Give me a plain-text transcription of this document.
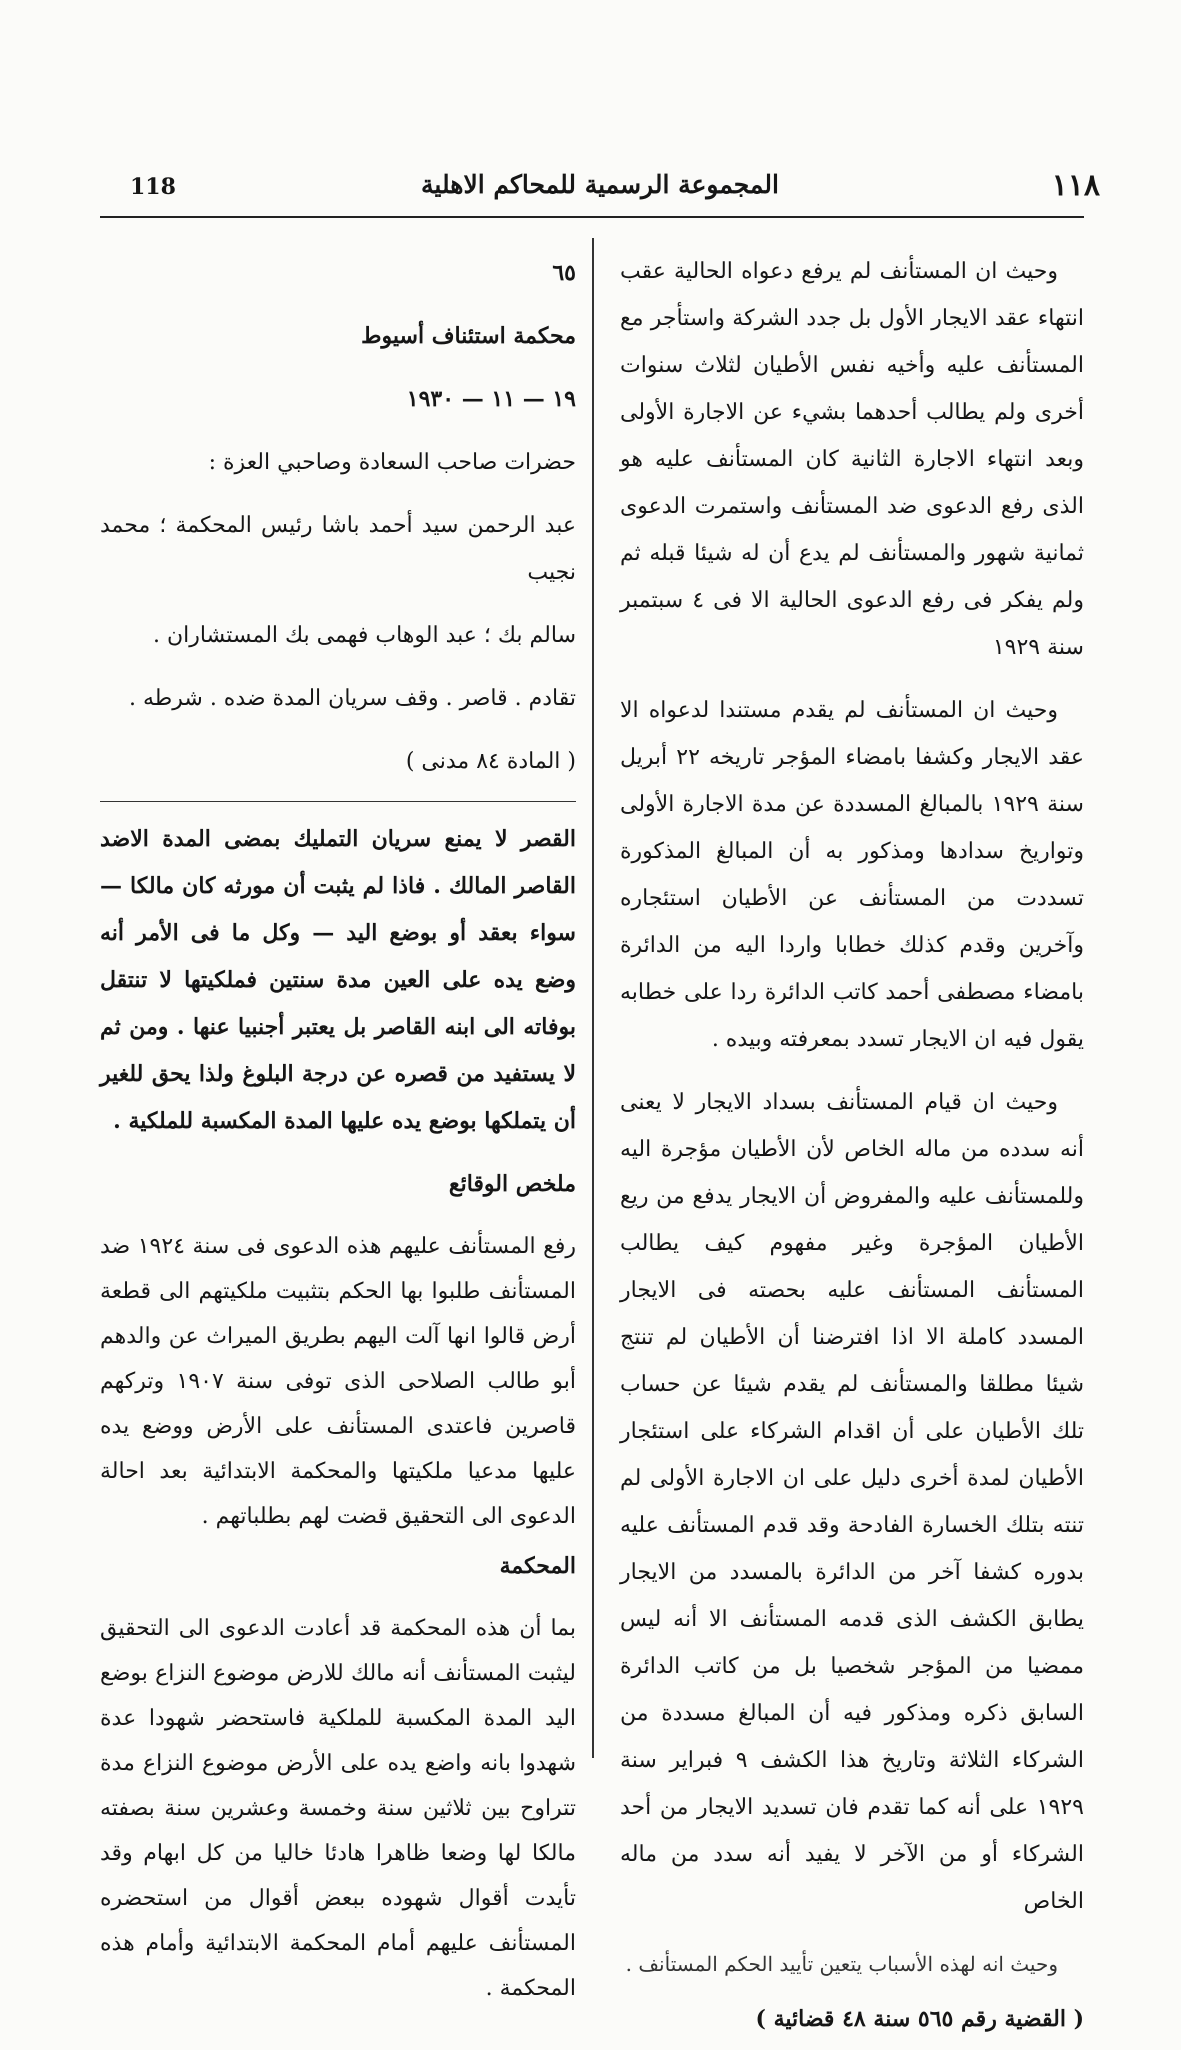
118	المجموعة الرسمية للمحاكم الاهلية	١١٨

وحيث ان المستأنف لم يرفع دعواه الحالية عقب انتهاء عقد الايجار الأول بل جدد الشركة واستأجر مع المستأنف عليه وأخيه نفس الأطيان لثلاث سنوات أخرى ولم يطالب أحدهما بشيء عن الاجارة الأولى وبعد انتهاء الاجارة الثانية كان المستأنف عليه هو الذى رفع الدعوى ضد المستأنف واستمرت الدعوى ثمانية شهور والمستأنف لم يدع أن له شيئا قبله ثم ولم يفكر فى رفع الدعوى الحالية الا فى ٤ سبتمبر سنة ١٩٢٩

وحيث ان المستأنف لم يقدم مستندا لدعواه الا عقد الايجار وكشفا بامضاء المؤجر تاريخه ٢٢ أبريل سنة ١٩٢٩ بالمبالغ المسددة عن مدة الاجارة الأولى وتواريخ سدادها ومذكور به أن المبالغ المذكورة تسددت من المستأنف عن الأطيان استئجاره وآخرين وقدم كذلك خطابا واردا اليه من الدائرة بامضاء مصطفى أحمد كاتب الدائرة ردا على خطابه يقول فيه ان الايجار تسدد بمعرفته وبيده .

وحيث ان قيام المستأنف بسداد الايجار لا يعنى أنه سدده من ماله الخاص لأن الأطيان مؤجرة اليه وللمستأنف عليه والمفروض أن الايجار يدفع من ريع الأطيان المؤجرة وغير مفهوم كيف يطالب المستأنف المستأنف عليه بحصته فى الايجار المسدد كاملة الا اذا افترضنا أن الأطيان لم تنتج شيئا مطلقا والمستأنف لم يقدم شيئا عن حساب تلك الأطيان على أن اقدام الشركاء على استئجار الأطيان لمدة أخرى دليل على ان الاجارة الأولى لم تنته بتلك الخسارة الفادحة وقد قدم المستأنف عليه بدوره كشفا آخر من الدائرة بالمسدد من الايجار يطابق الكشف الذى قدمه المستأنف الا أنه ليس ممضيا من المؤجر شخصيا بل من كاتب الدائرة السابق ذكره ومذكور فيه أن المبالغ مسددة من الشركاء الثلاثة وتاريخ هذا الكشف ٩ فبراير سنة ١٩٢٩ على أنه كما تقدم فان تسديد الايجار من أحد الشركاء أو من الآخر لا يفيد أنه سدد من ماله الخاص

وحيث انه لهذه الأسباب يتعين تأييد الحكم المستأنف .

( القضية رقم ٥٦٥ سنة ٤٨ قضائية )

٦٥

محكمة استئناف أسيوط

١٩ — ١١ — ١٩٣٠

حضرات صاحب السعادة وصاحبي العزة :

عبد الرحمن سيد أحمد باشا رئيس المحكمة ؛ محمد نجيب

سالم بك ؛ عبد الوهاب فهمى بك المستشاران .

تقادم . قاصر . وقف سريان المدة ضده . شرطه .

( المادة ٨٤ مدنى )

القصر لا يمنع سريان التمليك بمضى المدة الاضد القاصر المالك . فاذا لم يثبت أن مورثه كان مالكا — سواء بعقد أو بوضع اليد — وكل ما فى الأمر أنه وضع يده على العين مدة سنتين فملكيتها لا تنتقل بوفاته الى ابنه القاصر بل يعتبر أجنبيا عنها . ومن ثم لا يستفيد من قصره عن درجة البلوغ ولذا يحق للغير أن يتملكها بوضع يده عليها المدة المكسبة للملكية .

ملخص الوقائع

رفع المستأنف عليهم هذه الدعوى فى سنة ١٩٢٤ ضد المستأنف طلبوا بها الحكم بتثبيت ملكيتهم الى قطعة أرض قالوا انها آلت اليهم بطريق الميراث عن والدهم أبو طالب الصلاحى الذى توفى سنة ١٩٠٧ وتركهم قاصرين فاعتدى المستأنف على الأرض ووضع يده عليها مدعيا ملكيتها والمحكمة الابتدائية بعد احالة الدعوى الى التحقيق قضت لهم بطلباتهم .

المحكمة

بما أن هذه المحكمة قد أعادت الدعوى الى التحقيق ليثبت المستأنف أنه مالك للارض موضوع النزاع بوضع اليد المدة المكسبة للملكية فاستحضر شهودا عدة شهدوا بانه واضع يده على الأرض موضوع النزاع مدة تتراوح بين ثلاثين سنة وخمسة وعشرين سنة بصفته مالكا لها وضعا ظاهرا هادئا خاليا من كل ابهام وقد تأيدت أقوال شهوده ببعض أقوال من استحضره المستأنف عليهم أمام المحكمة الابتدائية وأمام هذه المحكمة .
